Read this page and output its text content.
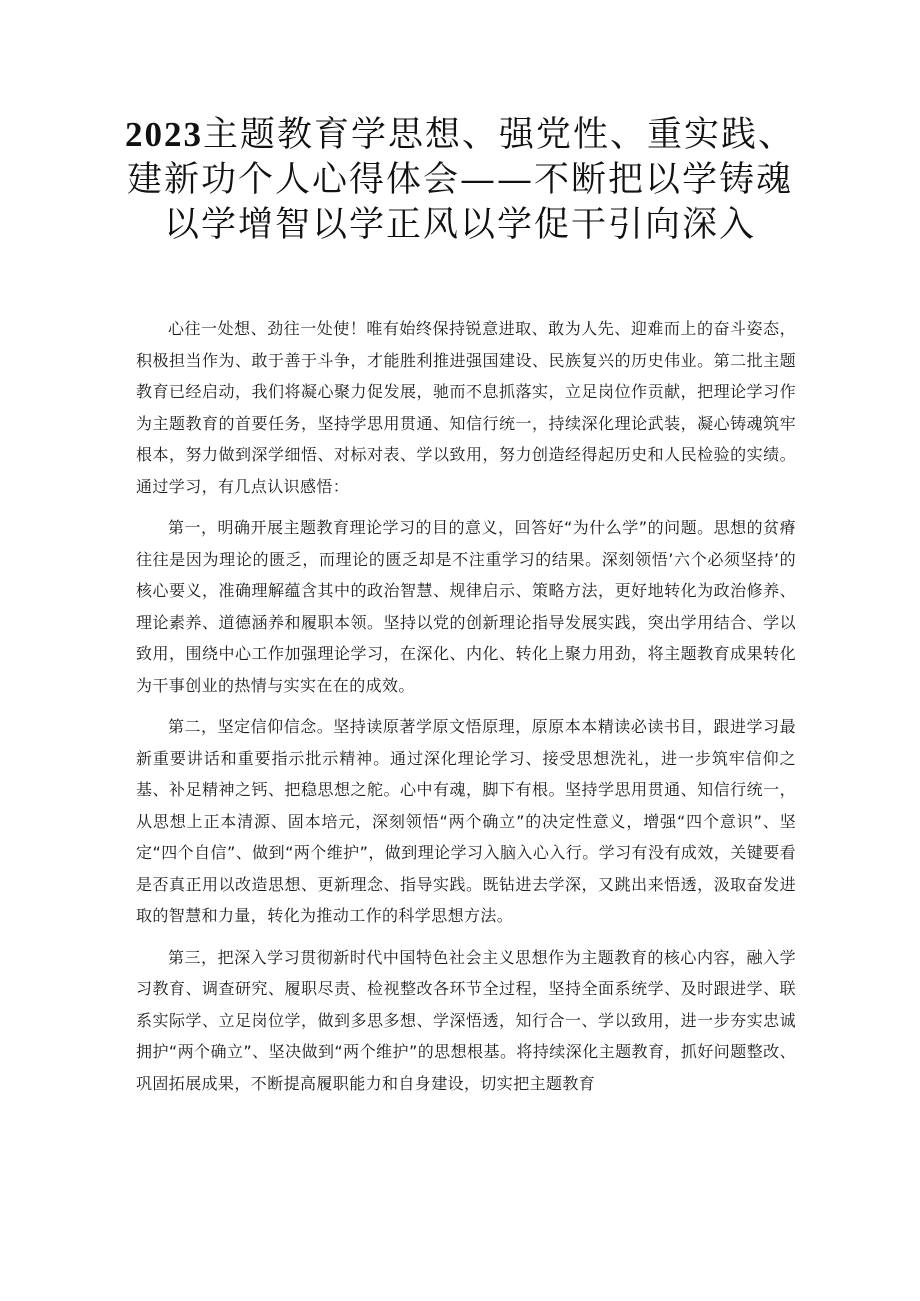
2023主题教育学思想、强党性、重实践、建新功个人心得体会——不断把以学铸魂以学增智以学正风以学促干引向深入

心往一处想、劲往一处使！唯有始终保持锐意进取、敢为人先、迎难而上的奋斗姿态，积极担当作为、敢于善于斗争，才能胜利推进强国建设、民族复兴的历史伟业。第二批主题教育已经启动，我们将凝心聚力促发展，驰而不息抓落实，立足岗位作贡献，把理论学习作为主题教育的首要任务，坚持学思用贯通、知信行统一，持续深化理论武装，凝心铸魂筑牢根本，努力做到深学细悟、对标对表、学以致用，努力创造经得起历史和人民检验的实绩。通过学习，有几点认识感悟：

第一，明确开展主题教育理论学习的目的意义，回答好“为什么学”的问题。思想的贫瘠往往是因为理论的匮乏，而理论的匮乏却是不注重学习的结果。深刻领悟’六个必须坚持’的核心要义，准确理解蕴含其中的政治智慧、规律启示、策略方法，更好地转化为政治修养、理论素养、道德涵养和履职本领。坚持以党的创新理论指导发展实践，突出学用结合、学以致用，围绕中心工作加强理论学习，在深化、内化、转化上聚力用劲，将主题教育成果转化为干事创业的热情与实实在在的成效。

第二，坚定信仰信念。坚持读原著学原文悟原理，原原本本精读必读书目，跟进学习最新重要讲话和重要指示批示精神。通过深化理论学习、接受思想洗礼，进一步筑牢信仰之基、补足精神之钙、把稳思想之舵。心中有魂，脚下有根。坚持学思用贯通、知信行统一，从思想上正本清源、固本培元，深刻领悟“两个确立”的决定性意义，增强“四个意识”、坚定“四个自信”、做到“两个维护”，做到理论学习入脑入心入行。学习有没有成效，关键要看是否真正用以改造思想、更新理念、指导实践。既钻进去学深，又跳出来悟透，汲取奋发进取的智慧和力量，转化为推动工作的科学思想方法。

第三，把深入学习贯彻新时代中国特色社会主义思想作为主题教育的核心内容，融入学习教育、调查研究、履职尽责、检视整改各环节全过程，坚持全面系统学、及时跟进学、联系实际学、立足岗位学，做到多思多想、学深悟透，知行合一、学以致用，进一步夯实忠诚拥护“两个确立”、坚决做到“两个维护”的思想根基。将持续深化主题教育，抓好问题整改、巩固拓展成果，不断提高履职能力和自身建设，切实把主题教育
